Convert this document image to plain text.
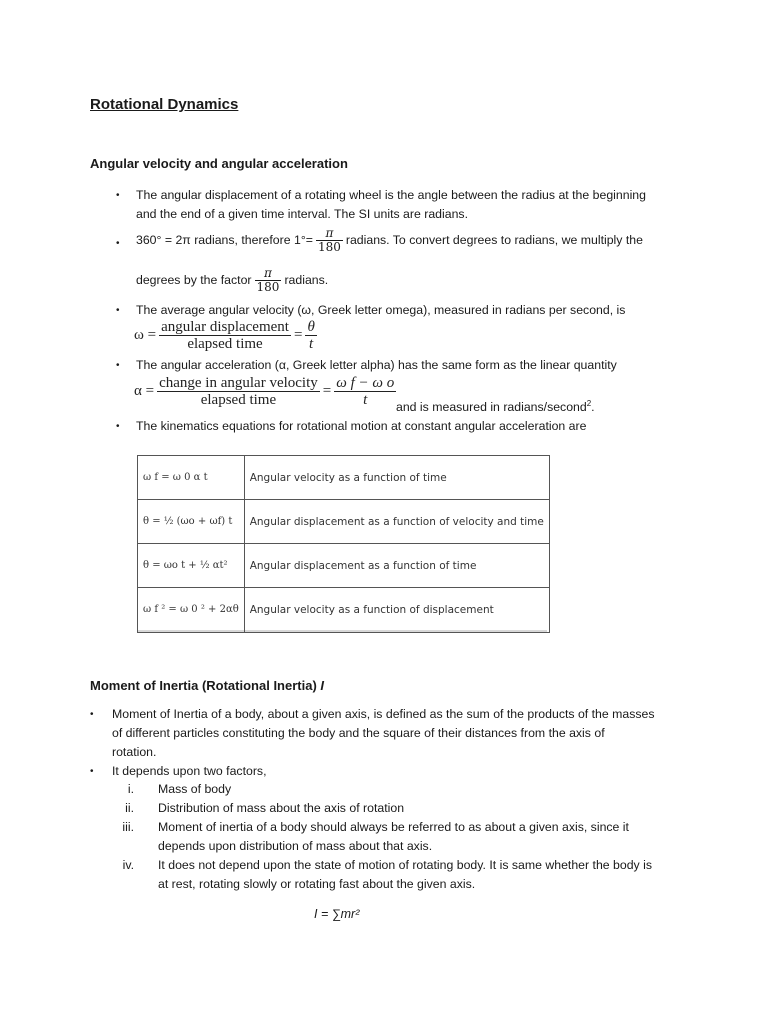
Rotational Dynamics
Angular velocity and angular acceleration
• The angular displacement of a rotating wheel is the angle between the radius at the beginning
and the end of a given time interval. The SI units are radians.
• 360° = 2π radians, therefore $1^\circ= \frac{\pi}{180}$ radians. To convert degrees to radians, we multiply the
degrees by the factor $\frac{\pi}{180}$ radians.
• The average angular velocity (ω, Greek letter omega), measured in radians per second, is
$\omega = \frac{\text{angular displacement}}{\text{elapsed time}} = \frac{\theta}{t}$
• The angular acceleration (α, Greek letter alpha) has the same form as the linear quantity
$\alpha = \frac{\text{change in angular velocity}}{\text{elapsed time}} = \frac{\text{ω f − ω o}}{t}$ and is measured in radians/second$^2$.
• The kinematics equations for rotational motion at constant angular acceleration are
ω f = ω 0 α t	Angular velocity as a function of time
θ = ½ (ωo + ωf) t	Angular displacement as a function of velocity and time
θ = ωo t + ½ αt²	Angular displacement as a function of time
ω f ² = ω 0 ² + 2αθ	Angular velocity as a function of displacement
Moment of Inertia (Rotational Inertia) I
• Moment of Inertia of a body, about a given axis, is defined as the sum of the products of the masses
of different particles constituting the body and the square of their distances from the axis of
rotation.
• It depends upon two factors,
i. Mass of body
ii. Distribution of mass about the axis of rotation
iii. Moment of inertia of a body should always be referred to as about a given axis, since it
depends upon distribution of mass about that axis.
iv. It does not depend upon the state of motion of rotating body. It is same whether the body is
at rest, rotating slowly or rotating fast about the given axis.
I = ∑mr²
